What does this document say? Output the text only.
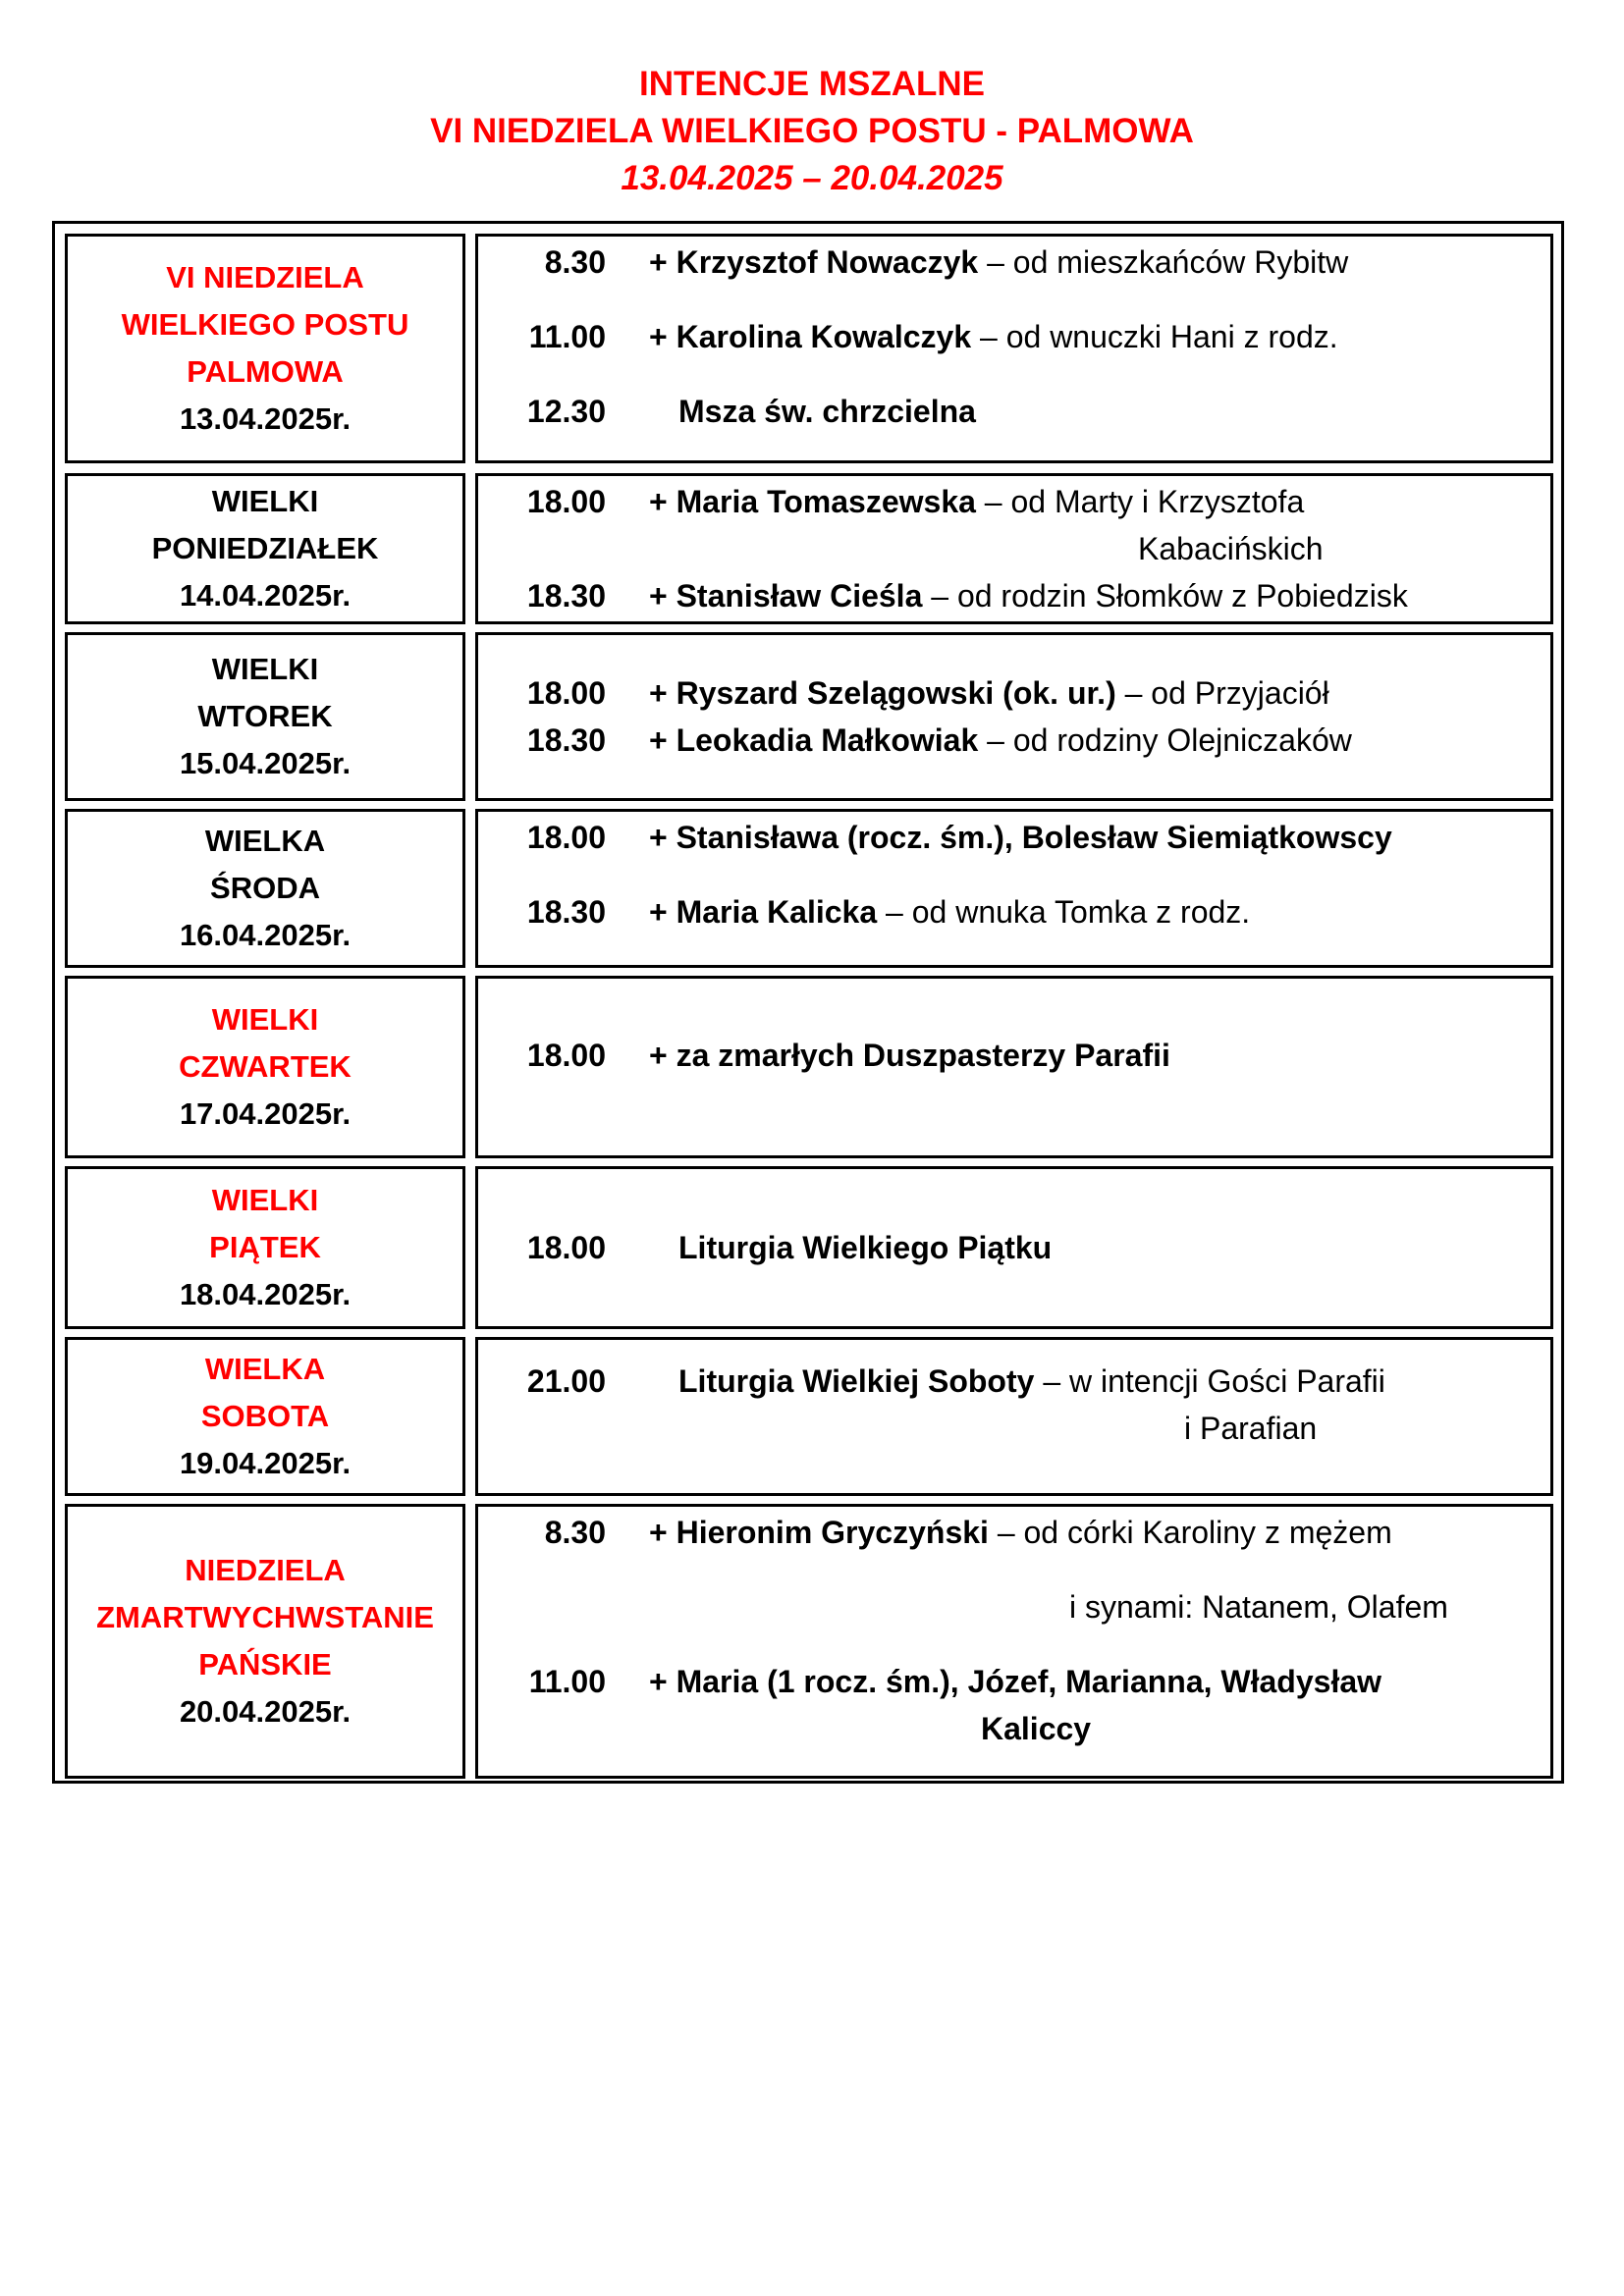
INTENCJE MSZALNE
VI NIEDZIELA WIELKIEGO POSTU - PALMOWA
13.04.2025 – 20.04.2025
VI NIEDZIELA
WIELKIEGO POSTU
PALMOWA
13.04.2025r.
8.30 + Krzysztof Nowaczyk – od mieszkańców Rybitw
11.00 + Karolina Kowalczyk – od wnuczki Hani z rodz.
12.30 Msza św. chrzcielna
WIELKI
PONIEDZIAŁEK
14.04.2025r.
18.00 + Maria Tomaszewska – od Marty i Krzysztofa
Kabacińskich
18.30 + Stanisław Cieśla – od rodzin Słomków z Pobiedzisk
WIELKI
WTOREK
15.04.2025r.
18.00 + Ryszard Szelągowski (ok. ur.) – od Przyjaciół
18.30 + Leokadia Małkowiak – od rodziny Olejniczaków
WIELKA
ŚRODA
16.04.2025r.
18.00 + Stanisława (rocz. śm.), Bolesław Siemiątkowscy
18.30 + Maria Kalicka – od wnuka Tomka z rodz.
WIELKI
CZWARTEK
17.04.2025r.
18.00 + za zmarłych Duszpasterzy Parafii
WIELKI
PIĄTEK
18.04.2025r.
18.00 Liturgia Wielkiego Piątku
WIELKA
SOBOTA
19.04.2025r.
21.00 Liturgia Wielkiej Soboty – w intencji Gości Parafii
i Parafian
NIEDZIELA
ZMARTWYCHWSTANIE
PAŃSKIE
20.04.2025r.
8.30 + Hieronim Gryczyński – od córki Karoliny z mężem
i synami: Natanem, Olafem
11.00 + Maria (1 rocz. śm.), Józef, Marianna, Władysław
Kaliccy
